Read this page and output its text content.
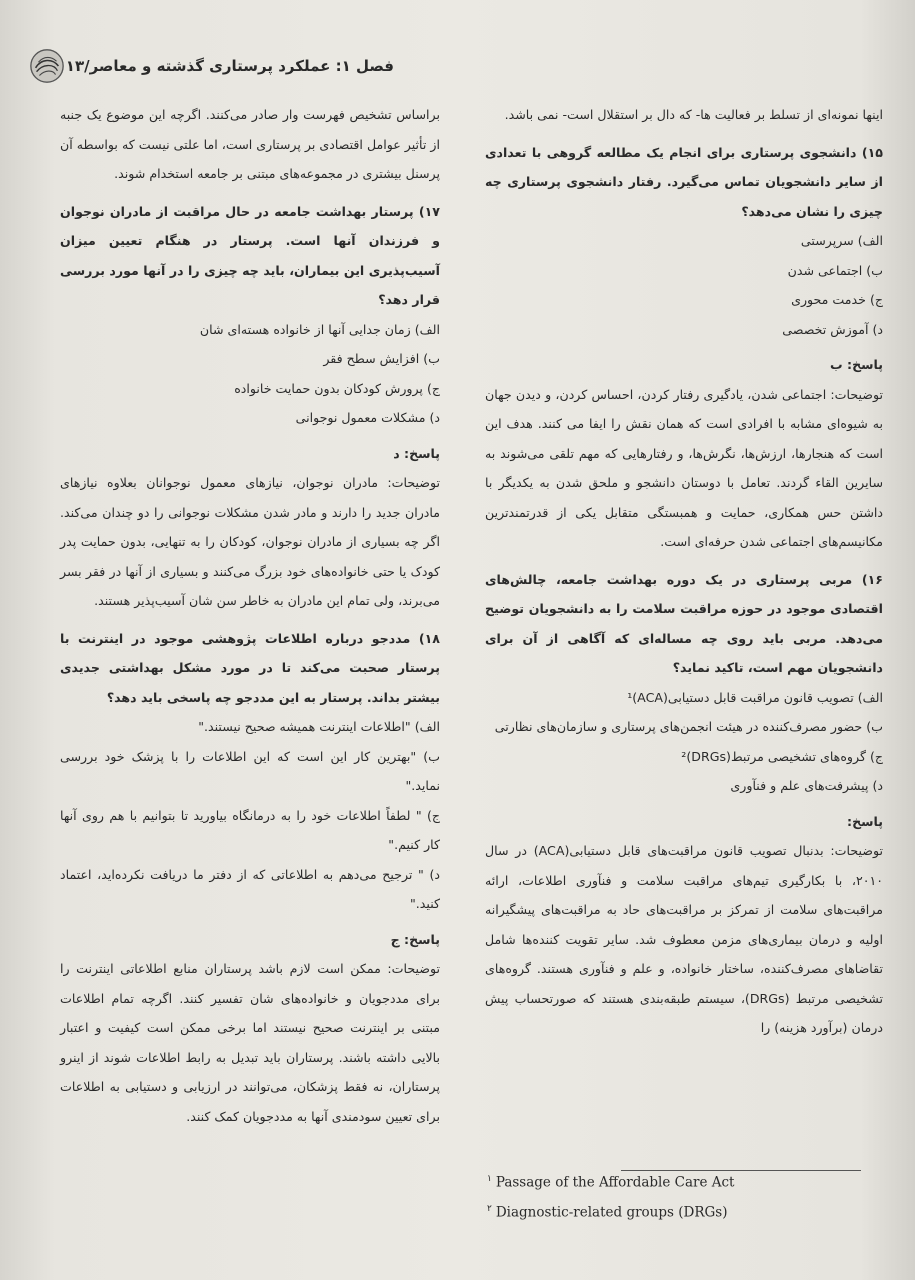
فصل ۱: عملکرد پرستاری گذشته و معاصر/۱۳

اینها نمونه‌ای از تسلط بر فعالیت ها- که دال بر استقلال است- نمی باشد.

۱۵) دانشجوی پرستاری برای انجام یک مطالعه گروهی با تعدادی از سایر دانشجویان تماس می‌گیرد. رفتار دانشجوی پرستاری چه چیزی را نشان می‌دهد؟

الف) سرپرستی

ب) اجتماعی شدن

ج) خدمت محوری

د) آموزش تخصصی

پاسخ: ب

توضیحات: اجتماعی شدن، یادگیری رفتار کردن، احساس کردن، و دیدن جهان به شیوه‌ای مشابه با افرادی است که همان نقش را ایفا می کنند. هدف این است که هنجارها، ارزش‌ها، نگرش‌ها، و رفتارهایی که مهم تلقی می‌شوند به سایرین القاء گردند. تعامل با دوستان دانشجو و ملحق شدن به یکدیگر با داشتن حس همکاری، حمایت و همبستگی متقابل یکی از قدرتمندترین مکانیسم‌های اجتماعی شدن حرفه‌ای است.

۱۶) مربی پرستاری در یک دوره بهداشت جامعه، چالش‌های اقتصادی موجود در حوزه مراقبت سلامت را به دانشجویان توضیح می‌دهد. مربی باید روی چه مساله‌ای که آگاهی از آن برای دانشجویان مهم است، تاکید نماید؟

الف) تصویب قانون مراقبت قابل دستیابی(ACA)¹

ب) حضور مصرف‌کننده در هیئت انجمن‌های پرستاری و سازمان‌های نظارتی

ج) گروه‌های تشخیصی مرتبط(DRGs)²

د) پیشرفت‌های علم و فنآوری

پاسخ:

توضیحات: بدنبال تصویب قانون مراقبت‌های قابل دستیابی(ACA) در سال ۲۰۱۰، با بکارگیری تیم‌های مراقبت سلامت و فنآوری اطلاعات، ارائه مراقبت‌های سلامت از تمرکز بر مراقبت‌های حاد به مراقبت‌های پیشگیرانه اولیه و درمان بیماری‌های مزمن معطوف شد. سایر تقویت کننده‌ها شامل تقاضاهای مصرف‌کننده، ساختار خانواده، و علم و فنآوری هستند. گروه‌های تشخیصی مرتبط (DRGs)، سیستم طبقه‌بندی هستند که صورتحساب پیش درمان (برآورد هزینه) را

براساس تشخیص فهرست وار صادر می‌کنند. اگرچه این موضوع یک جنبه از تأثیر عوامل اقتصادی بر پرستاری است، اما علتی نیست که بواسطه آن پرسنل بیشتری در مجموعه‌های مبتنی بر جامعه استخدام شوند.

۱۷) پرستار بهداشت جامعه در حال مراقبت از مادران نوجوان و فرزندان آنها است. پرستار در هنگام تعیین میزان آسیب‌پذیری این بیماران، باید چه چیزی را در آنها مورد بررسی قرار دهد؟

الف) زمان جدایی آنها از خانواده هسته‌ای شان

ب) افزایش سطح فقر

ج) پرورش کودکان بدون حمایت خانواده

د) مشکلات معمول نوجوانی

پاسخ: د

توضیحات: مادران نوجوان، نیازهای معمول نوجوانان بعلاوه نیازهای مادران جدید را دارند و مادر شدن مشکلات نوجوانی را دو چندان می‌کند. اگر چه بسیاری از مادران نوجوان، کودکان را به تنهایی، بدون حمایت پدر کودک یا حتی خانواده‌های خود بزرگ می‌کنند و بسیاری از آنها در فقر بسر می‌برند، ولی تمام این مادران به خاطر سن شان آسیب‌پذیر هستند.

۱۸) مددجو درباره اطلاعات پژوهشی موجود در اینترنت با پرستار صحبت می‌کند تا در مورد مشکل بهداشتی جدیدی بیشتر بداند. پرستار به این مددجو چه پاسخی باید دهد؟

الف) "اطلاعات اینترنت همیشه صحیح نیستند."

ب) "بهترین کار این است که این اطلاعات را با پزشک خود بررسی نماید."

ج) " لطفاً اطلاعات خود را به درمانگاه بیاورید تا بتوانیم با هم روی آنها کار کنیم."

د) " ترجیح می‌دهم به اطلاعاتی که از دفتر ما دریافت نکرده‌اید، اعتماد کنید."

پاسخ: ج

توضیحات: ممکن است لازم باشد پرستاران منابع اطلاعاتی اینترنت را برای مددجویان و خانواده‌های شان تفسیر کنند. اگرچه تمام اطلاعات مبتنی بر اینترنت صحیح نیستند اما برخی ممکن است کیفیت و اعتبار بالایی داشته باشند. پرستاران باید تبدیل به رابط اطلاعات شوند از اینرو پرستاران، نه فقط پزشکان، می‌توانند در ارزیابی و دستیابی به اطلاعات برای تعیین سودمندی آنها به مددجویان کمک کنند.

$^۱$ Passage of the Affordable Care Act

$^۲$ Diagnostic-related groups (DRGs)
